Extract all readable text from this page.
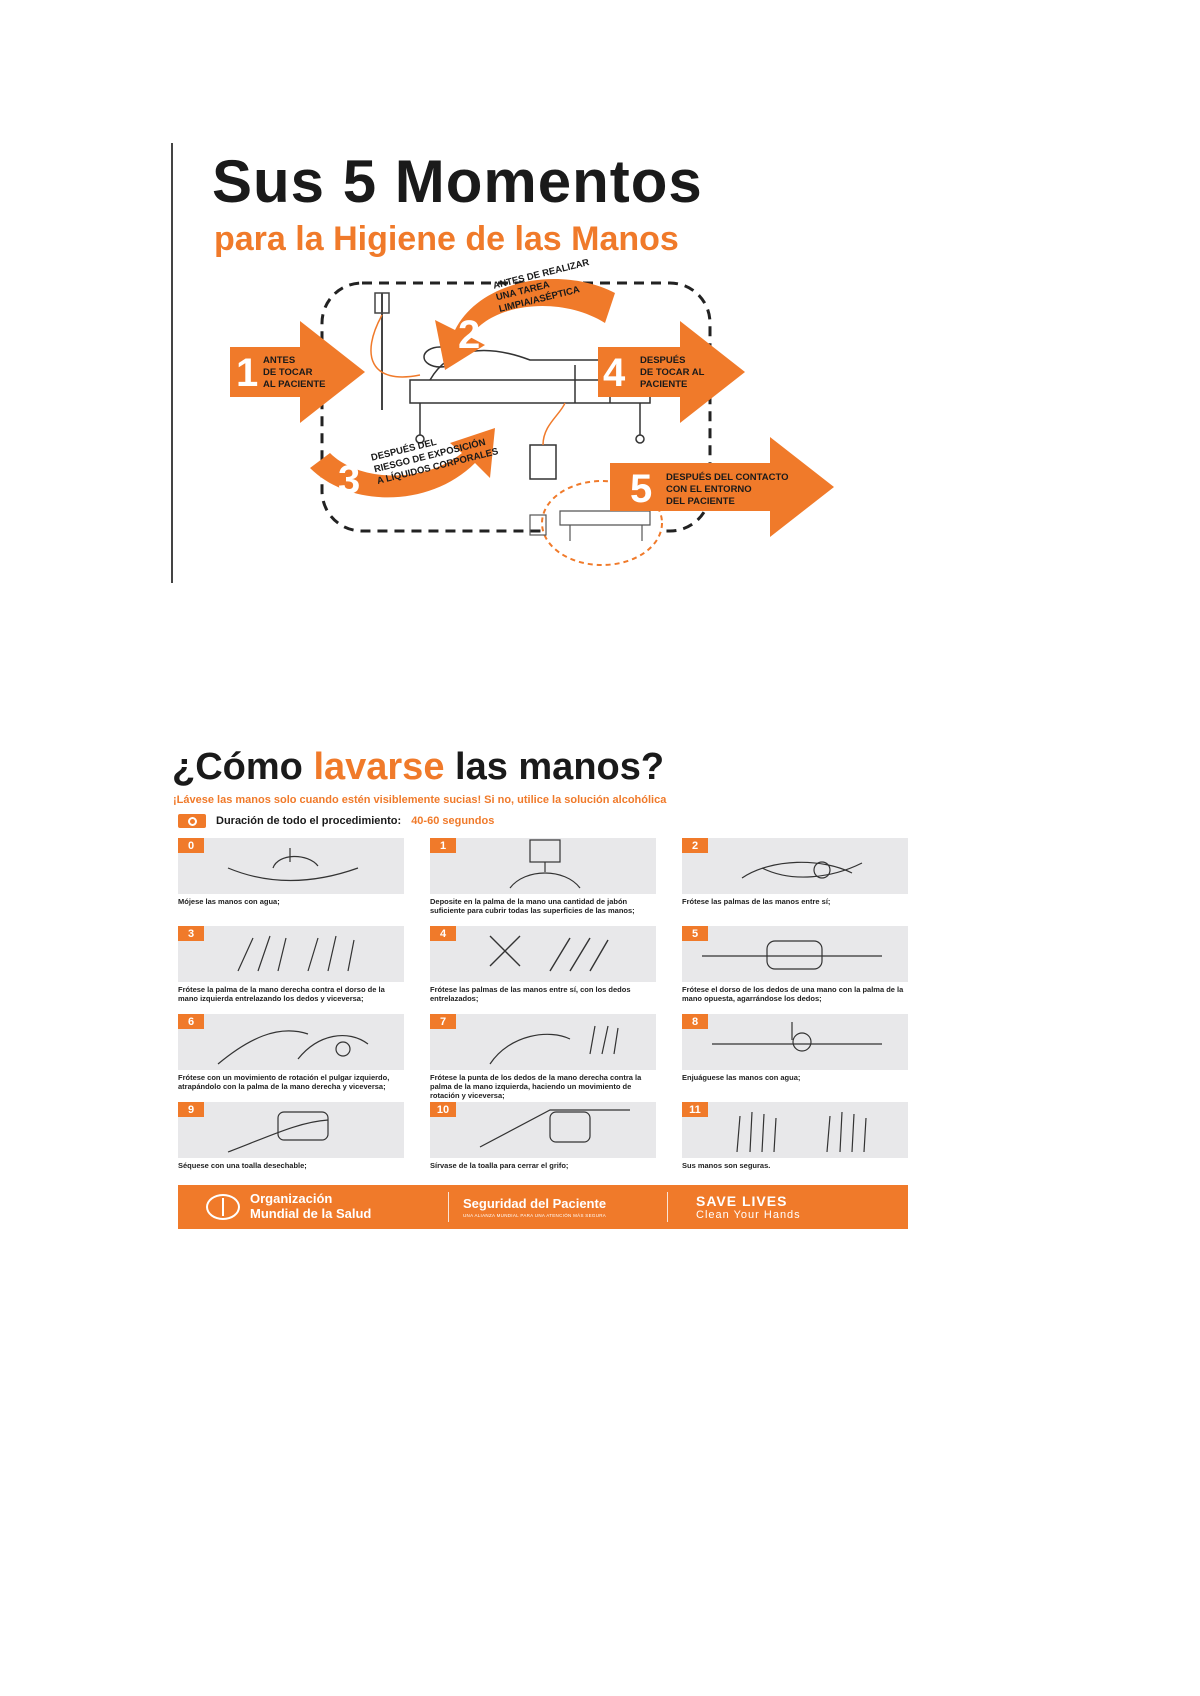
Sus 5 Momentos
para la Higiene de las Manos
1 ANTES
DE TOCAR
AL PACIENTE
2
ANTES DE REALIZAR
UNA TAREA
LIMPIA/ASÉPTICA
3
DESPUÉS DEL
RIESGO DE EXPOSICIÓN
A LÍQUIDOS CORPORALES
4 DESPUÉS
DE TOCAR AL
PACIENTE
5 DESPUÉS DEL CONTACTO
CON EL ENTORNO
DEL PACIENTE
¿Cómo lavarse las manos?
¡Lávese las manos solo cuando estén visiblemente sucias! Si no, utilice la solución alcohólica
Duración de todo el procedimiento: 40-60 segundos
0
Mójese las manos con agua;
1
Deposite en la palma de la mano una cantidad de jabón suficiente para cubrir todas las superficies de las manos;
2
Frótese las palmas de las manos entre sí;
3
Frótese la palma de la mano derecha contra el dorso de la mano izquierda entrelazando los dedos y viceversa;
4
Frótese las palmas de las manos entre sí, con los dedos entrelazados;
5
Frótese el dorso de los dedos de una mano con la palma de la mano opuesta, agarrándose los dedos;
6
Frótese con un movimiento de rotación el pulgar izquierdo, atrapándolo con la palma de la mano derecha y viceversa;
7
Frótese la punta de los dedos de la mano derecha contra la palma de la mano izquierda, haciendo un movimiento de rotación y viceversa;
8
Enjuáguese las manos con agua;
9
Séquese con una toalla desechable;
10
Sírvase de la toalla para cerrar el grifo;
11
Sus manos son seguras.
Organización
Mundial de la Salud
Seguridad del Paciente
UNA ALIANZA MUNDIAL PARA UNA ATENCIÓN MÁS SEGURA
SAVE LIVES
Clean Your Hands
